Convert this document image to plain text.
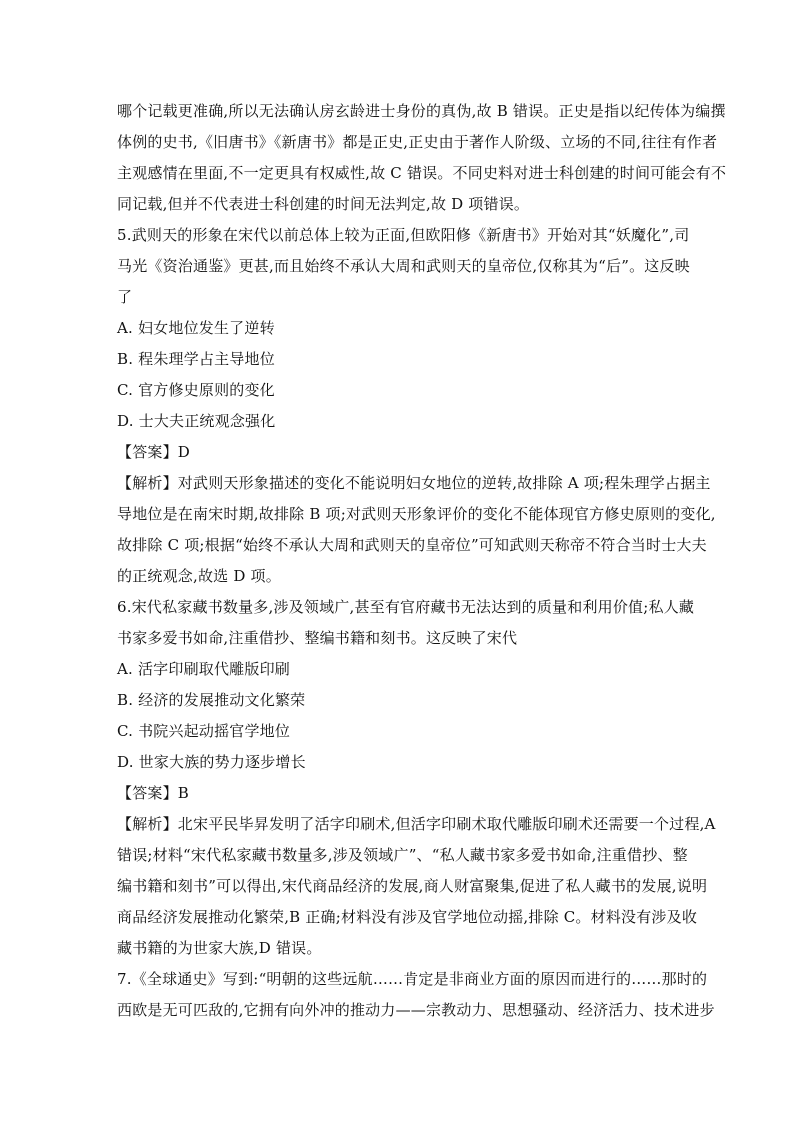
哪个记载更准确,所以无法确认房玄龄进士身份的真伪,故 B 错误。正史是指以纪传体为编撰
体例的史书,《旧唐书》《新唐书》都是正史,正史由于著作人阶级、立场的不同,往往有作者
主观感情在里面,不一定更具有权威性,故 C 错误。不同史料对进士科创建的时间可能会有不
同记载,但并不代表进士科创建的时间无法判定,故 D 项错误。
5.武则天的形象在宋代以前总体上较为正面,但欧阳修《新唐书》开始对其“妖魔化”,司
马光《资治通鉴》更甚,而且始终不承认大周和武则天的皇帝位,仅称其为“后”。这反映
了
A. 妇女地位发生了逆转
B. 程朱理学占主导地位
C. 官方修史原则的变化
D. 士大夫正统观念强化
【答案】D
【解析】对武则天形象描述的变化不能说明妇女地位的逆转,故排除 A 项;程朱理学占据主
导地位是在南宋时期,故排除 B 项;对武则天形象评价的变化不能体现官方修史原则的变化,
故排除 C 项;根据“始终不承认大周和武则天的皇帝位”可知武则天称帝不符合当时士大夫
的正统观念,故选 D 项。
6.宋代私家藏书数量多,涉及领域广,甚至有官府藏书无法达到的质量和利用价值;私人藏
书家多爱书如命,注重借抄、整编书籍和刻书。这反映了宋代
A. 活字印刷取代雕版印刷
B. 经济的发展推动文化繁荣
C. 书院兴起动摇官学地位
D. 世家大族的势力逐步增长
【答案】B
【解析】北宋平民毕昇发明了活字印刷术,但活字印刷术取代雕版印刷术还需要一个过程,A
错误;材料“宋代私家藏书数量多,涉及领域广”、“私人藏书家多爱书如命,注重借抄、整
编书籍和刻书”可以得出,宋代商品经济的发展,商人财富聚集,促进了私人藏书的发展,说明
商品经济发展推动化繁荣,B 正确;材料没有涉及官学地位动摇,排除 C。材料没有涉及收
藏书籍的为世家大族,D 错误。
7.《全球通史》写到:“明朝的这些远航……肯定是非商业方面的原因而进行的……那时的
西欧是无可匹敌的,它拥有向外冲的推动力——宗教动力、思想骚动、经济活力、技术进步
